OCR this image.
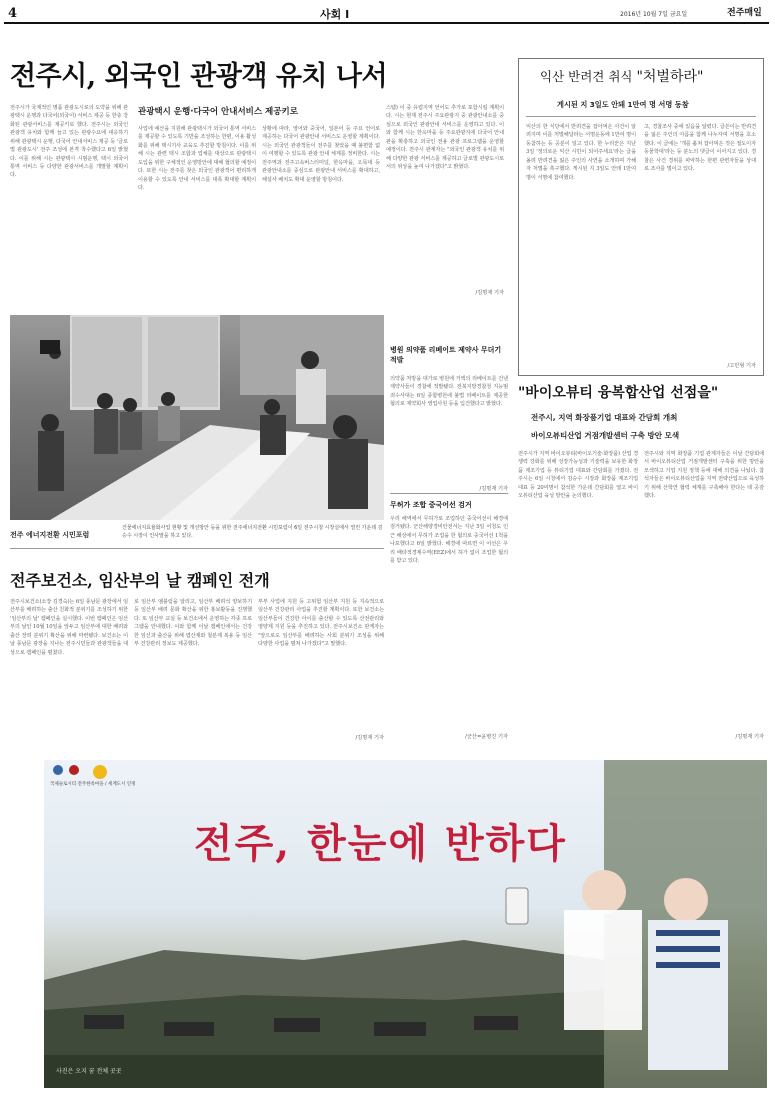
4	사회 I	2016년 10월 7일 금요일	전주매일
전주시, 외국인 관광객 유치 나서
관광택시 운행·다국어 안내서비스 제공키로
전주시가 국제적인 명품 관광도시로의 도약을 위해 관광택시 운행과 다국어(외국어) 서비스 제공 등 한층 강화된 관광서비스를 제공키로 했다. 전주시는 외국인 관광객 유치와 함께 늘고 있는 관광수요에 대응하기 위해 관광택시 운행, 다국어 안내서비스 제공 등 '글로벌 관광도시' 전주 조성에 본격 착수했다고 6일 밝혔다. 이를 위해 시는 관광택시 시범운행, 택시 외국어 통역 서비스 등 다양한 관광서비스를 개발할 계획이다.
사업에 예산을 지원해 관광택시가 외국어 통역 서비스를 제공할 수 있도록 기반을 조성하는 한편, 이용 활성화를 위해 택시기사 교육도 추진할 방침이다. 이를 위해 시는 관련 택시 조합과 업체를 대상으로 관광택시 도입을 위한 구체적인 운영방안에 대해 협의할 예정이다. 또한 시는 전주를 찾은 외국인 관광객이 편리하게 이용할 수 있도록 안내 서비스를 대폭 확대할 계획이다.
상황에 따라, 영어와 중국어, 일본어 등 주요 언어로 제공하는 다국어 관광안내 서비스도 운영할 계획이다. 시는 외국인 관광객들이 전주를 찾았을 때 불편함 없이 여행할 수 있도록 관광 안내 체계를 정비한다. 시는 전주역과 전주고속버스터미널, 한옥마을, 오목대 등 관광안내소를 중심으로 관광안내 서비스를 확대하고, 해설사 배치도 확대 운영할 방침이다.
스템) 이 중 유럽지역 언어도 추가로 포함시킬 계획이다. 시는 현재 전주시 주요관광지 중 관광안내소를 중심으로 외국인 관광안내 서비스를 운영하고 있다. 이와 함께 시는 한옥마을 등 주요관광지에 다국어 안내판을 확충하고 외국인 전용 관광 프로그램을 운영할 예정이다. 전주시 관계자는 "외국인 관광객 유치를 위해 다양한 관광 서비스를 제공하고 글로벌 관광도시로서의 위상을 높여 나가겠다"고 밝혔다.
/김명재 기자
전주 에너지전환 시민포럼
건물에너지효율화사업 현황 및 개선방안 등을 위한 전주에너지전환 시민포럼이 6일 전주시청 시장실에서 열린 가운데 김승수 시장이 인사말을 하고 있다.
전주보건소, 임산부의 날 캠페인 전개
전주시보건소(소장 김경숙)는 6일 풍남문 광장에서 임산부를 배려하는 출산 친화적 분위기를 조성하기 위한 '임산부의 날' 캠페인을 실시했다. 이번 캠페인은 임산부의 날인 10월 10일을 앞두고 임산부에 대한 배려와 출산 장려 분위기 확산을 위해 마련됐다. 보건소는 이날 풍남문 광장을 지나는 전주시민들과 관광객들을 대상으로 캠페인을 펼쳤다.
로 임산부 엠블럼을 알리고, 임산부 배려석 양보하기 등 임산부 배려 문화 확산을 위한 홍보활동을 진행했다. 또 임산부 교실 등 보건소에서 운영하는 각종 프로그램을 안내했다. 이와 함께 이날 캠페인에서는 건강한 임신과 출산을 위해 엽산제와 철분제 복용 등 임산부 건강관리 정보도 제공했다.
부부 사업에 지원 등 고위험 임산부 지원 등 지속적으로 임산부 건강관리 사업을 추진할 계획이다. 또한 보건소는 임산부들이 건강한 아이를 출산할 수 있도록 산전관리와 영양제 지원 등을 추진하고 있다. 전주시보건소 관계자는 "앞으로도 임산부를 배려하는 사회 분위기 조성을 위해 다양한 사업을 펼쳐 나가겠다"고 말했다.
/김명재 기자
병원 의약품 리베이트 제약사 무더기 적발
의약품 처방을 대가로 병원에 거액의 리베이트를 건넨 제약사들이 경찰에 적발됐다. 전북지방경찰청 지능범죄수사대는 6일 종합병원에 불법 리베이트를 제공한 혐의로 제약회사 영업사원 등을 입건했다고 밝혔다.
/김명재 기자
무허가 조합 중국어선 검거
우리 해역에서 무허가로 조업하던 중국어선이 해경에 검거됐다. 군산해양경비안전서는 지난 5일 어청도 인근 해상에서 무허가 조업을 한 혐의로 중국어선 1척을 나포했다고 6일 밝혔다. 해경에 따르면 이 어선은 우리 배타적경제수역(EEZ)에서 허가 없이 조업한 혐의를 받고 있다.
/군산=윤병진 기자
익산 반려견 취식 "처벌하라"
게시된 지 3일도 안돼 1만여 명 서명 동참
익산의 한 식당에서 반려견을 잡아먹은 사건이 알려지며 이를 처벌해달라는 서명운동에 1만여 명이 동참하는 등 공분이 일고 있다. 한 누리꾼은 지난 3일 '정의로운 익산 시민이 되어주세요'라는 글을 올려 반려견을 잃은 주인의 사연을 소개하며 가해자 처벌을 촉구했다. 게시된 지 3일도 안돼 1만여 명이 서명에 참여했다.
고, 경찰조사 중에 있음을 알렸다. 글쓴이는 반려견을 잃은 주인의 아픔을 함께 나누자며 서명을 호소했다. 이 글에는 '개를 훔쳐 잡아먹은 것은 절도이자 동물학대'라는 등 분노의 댓글이 이어지고 있다. 경찰은 사건 경위를 파악하는 한편 관련자들을 상대로 조사를 벌이고 있다.
/고민형 기자
"바이오뷰티 융복합산업 선점을"
전주시, 지역 화장품기업 대표와 간담회 개최
바이오뷰티산업 거점개발센터 구축 방안 모색
전주시가 지역 바이오뷰티(바이오기술·화장품) 산업 경쟁력 강화를 위해 성장가능성과 기술력을 보유한 화장품 제조기업 등 뷰티기업 대표와 간담회를 가졌다. 전주시는 6일 시청에서 김승수 시장과 화장품 제조기업 대표 등 20여명이 참석한 가운데 간담회를 열고 바이오뷰티산업 육성 방안을 논의했다.
전주시와 지역 화장품 기업 관계자들은 이날 간담회에서 바이오뷰티산업 거점개발센터 구축을 위한 방안을 모색하고 기업 지원 정책 등에 대해 의견을 나눴다. 참석자들은 바이오뷰티산업을 지역 전략산업으로 육성하기 위해 산학연 협력 체계를 구축해야 한다는 데 공감했다.
/김명재 기자
국제슬로시티 전주한옥마을 / 세계도시 인정
전주, 한눈에 반하다
사진은 오지 꿈 전체 곳곳
